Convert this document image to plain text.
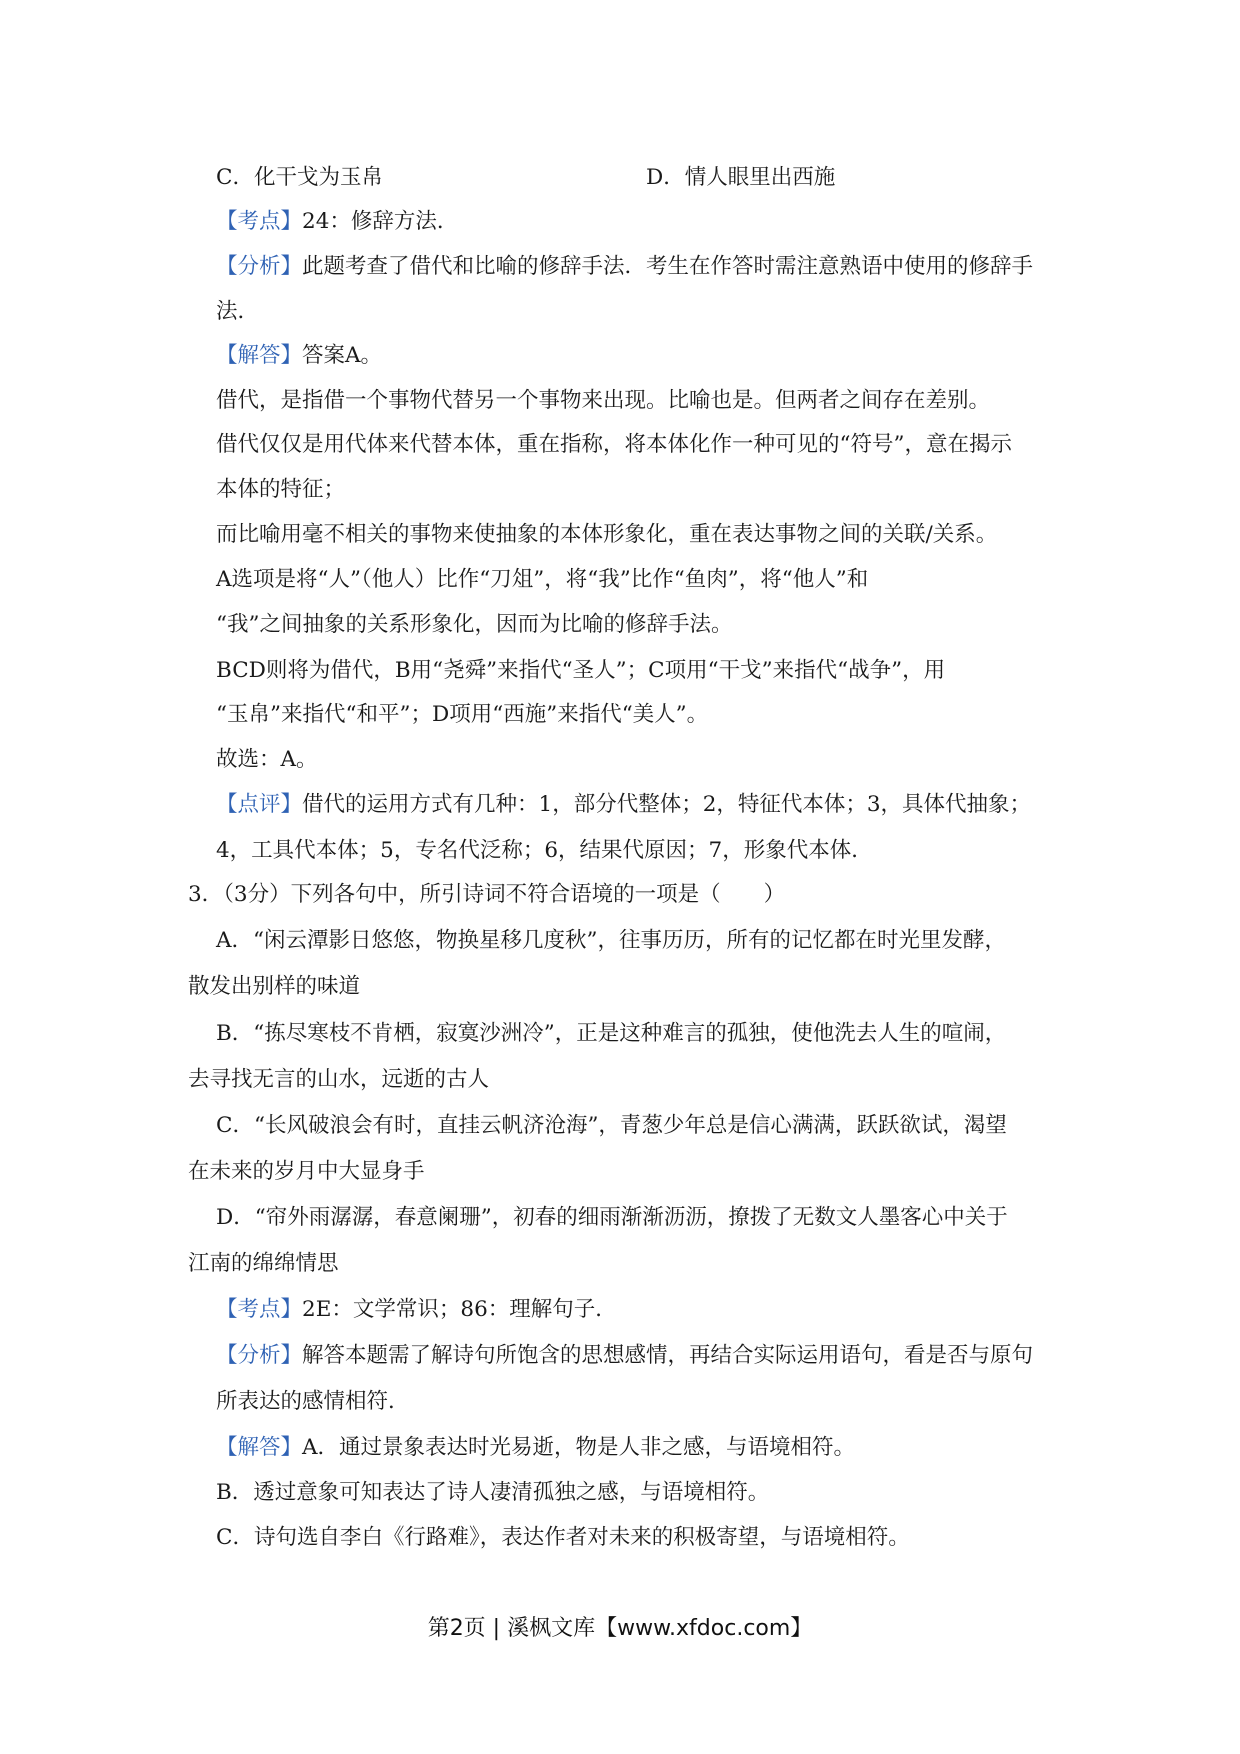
C．化干戈为玉帛	D．情人眼里出西施
【考点】24：修辞方法．
【分析】此题考查了借代和比喻的修辞手法．考生在作答时需注意熟语中使用的修辞手
法．
【解答】答案A。
借代，是指借一个事物代替另一个事物来出现。比喻也是。但两者之间存在差别。
借代仅仅是用代体来代替本体，重在指称，将本体化作一种可见的“符号”，意在揭示
本体的特征；
而比喻用毫不相关的事物来使抽象的本体形象化，重在表达事物之间的关联/关系。
A选项是将“人”（他人）比作“刀俎”，将“我”比作“鱼肉”，将“他人”和
“我”之间抽象的关系形象化，因而为比喻的修辞手法。
BCD则将为借代，B用“尧舜”来指代“圣人”；C项用“干戈”来指代“战争”，用
“玉帛”来指代“和平”；D项用“西施”来指代“美人”。
故选：A。
【点评】借代的运用方式有几种：1，部分代整体；2，特征代本体；3，具体代抽象；
4，工具代本体；5，专名代泛称；6，结果代原因；7，形象代本体．
3．（3分）下列各句中，所引诗词不符合语境的一项是（　　）
A．“闲云潭影日悠悠，物换星移几度秋”，往事历历，所有的记忆都在时光里发酵，
散发出别样的味道
B．“拣尽寒枝不肯栖，寂寞沙洲冷”，正是这种难言的孤独，使他洗去人生的喧闹，
去寻找无言的山水，远逝的古人
C．“长风破浪会有时，直挂云帆济沧海”，青葱少年总是信心满满，跃跃欲试，渴望
在未来的岁月中大显身手
D．“帘外雨潺潺，春意阑珊”，初春的细雨渐渐沥沥，撩拨了无数文人墨客心中关于
江南的绵绵情思
【考点】2E：文学常识；86：理解句子．
【分析】解答本题需了解诗句所饱含的思想感情，再结合实际运用语句，看是否与原句
所表达的感情相符．
【解答】A．通过景象表达时光易逝，物是人非之感，与语境相符。
B．透过意象可知表达了诗人凄清孤独之感，与语境相符。
C．诗句选自李白《行路难》，表达作者对未来的积极寄望，与语境相符。
第2页 | 溪枫文库【www.xfdoc.com】
